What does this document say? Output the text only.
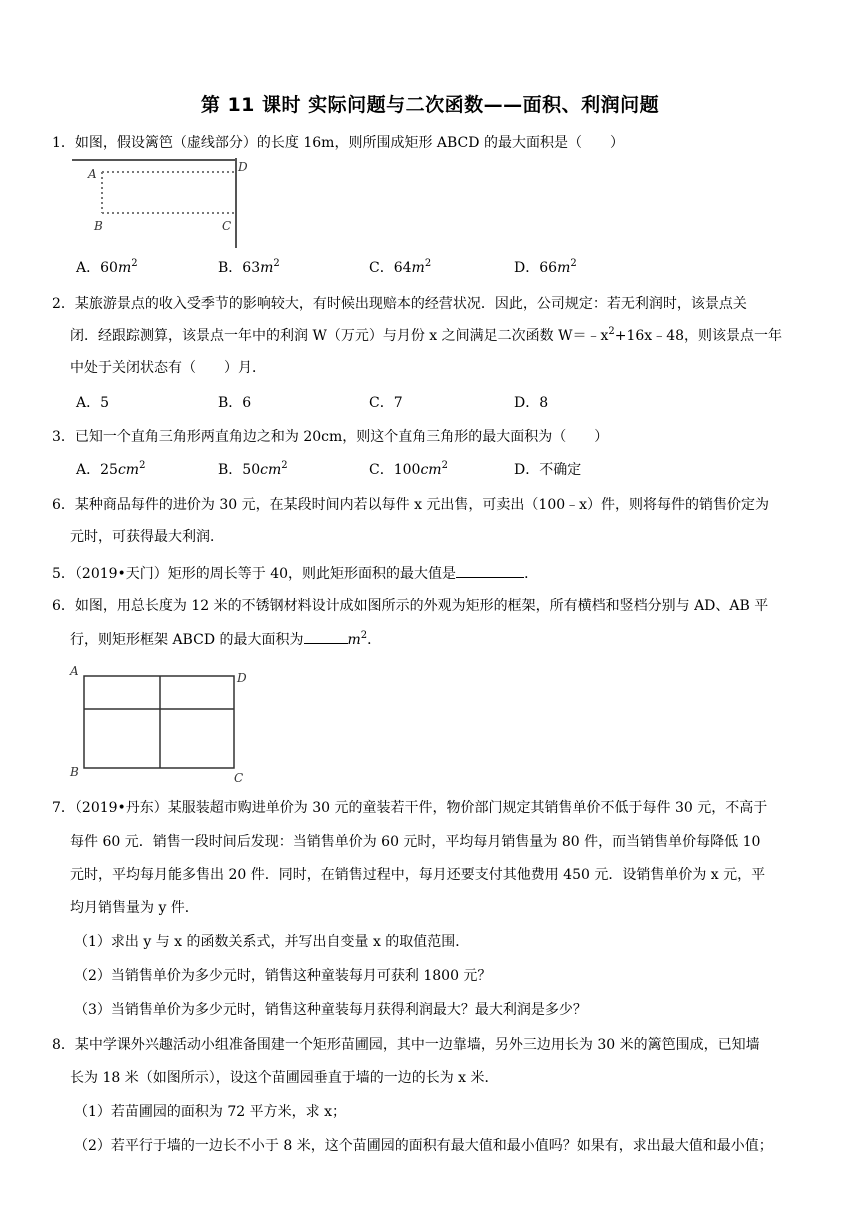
第 11 课时 实际问题与二次函数——面积、利润问题
1．如图，假设篱笆（虚线部分）的长度 16m，则所围成矩形 ABCD 的最大面积是（　　）
A	D
B	C
A．$60m^2$	B．$63m^2$	C．$64m^2$	D．$66m^2$
2．某旅游景点的收入受季节的影响较大，有时候出现赔本的经营状况．因此，公司规定：若无利润时，该景点关
闭．经跟踪测算，该景点一年中的利润 W（万元）与月份 x 之间满足二次函数 $W=﹣x^2+16x﹣48$，则该景点一年
中处于关闭状态有（　　）月．
A．5	B．6	C．7	D．8
3．已知一个直角三角形两直角边之和为 20cm，则这个直角三角形的最大面积为（　　）
A．$25cm^2$	B．$50cm^2$	C．$100cm^2$	D．不确定
6．某种商品每件的进价为 30 元，在某段时间内若以每件 x 元出售，可卖出（100﹣x）件，则将每件的销售价定为
元时，可获得最大利润．
5．（2019•天门）矩形的周长等于 40，则此矩形面积的最大值是	．
6．如图，用总长度为 12 米的不锈钢材料设计成如图所示的外观为矩形的框架，所有横档和竖档分别与 AD、AB 平
行，则矩形框架 ABCD 的最大面积为	$m^2$．
A	D
B	C
7．（2019•丹东）某服装超市购进单价为 30 元的童装若干件，物价部门规定其销售单价不低于每件 30 元，不高于
每件 60 元．销售一段时间后发现：当销售单价为 60 元时，平均每月销售量为 80 件，而当销售单价每降低 10
元时，平均每月能多售出 20 件．同时，在销售过程中，每月还要支付其他费用 450 元．设销售单价为 x 元，平
均月销售量为 y 件．
（1）求出 y 与 x 的函数关系式，并写出自变量 x 的取值范围．
（2）当销售单价为多少元时，销售这种童装每月可获利 1800 元？
（3）当销售单价为多少元时，销售这种童装每月获得利润最大？最大利润是多少？
8．某中学课外兴趣活动小组准备围建一个矩形苗圃园，其中一边靠墙，另外三边用长为 30 米的篱笆围成，已知墙
长为 18 米（如图所示），设这个苗圃园垂直于墙的一边的长为 x 米．
（1）若苗圃园的面积为 72 平方米，求 x；
（2）若平行于墙的一边长不小于 8 米，这个苗圃园的面积有最大值和最小值吗？如果有，求出最大值和最小值；
